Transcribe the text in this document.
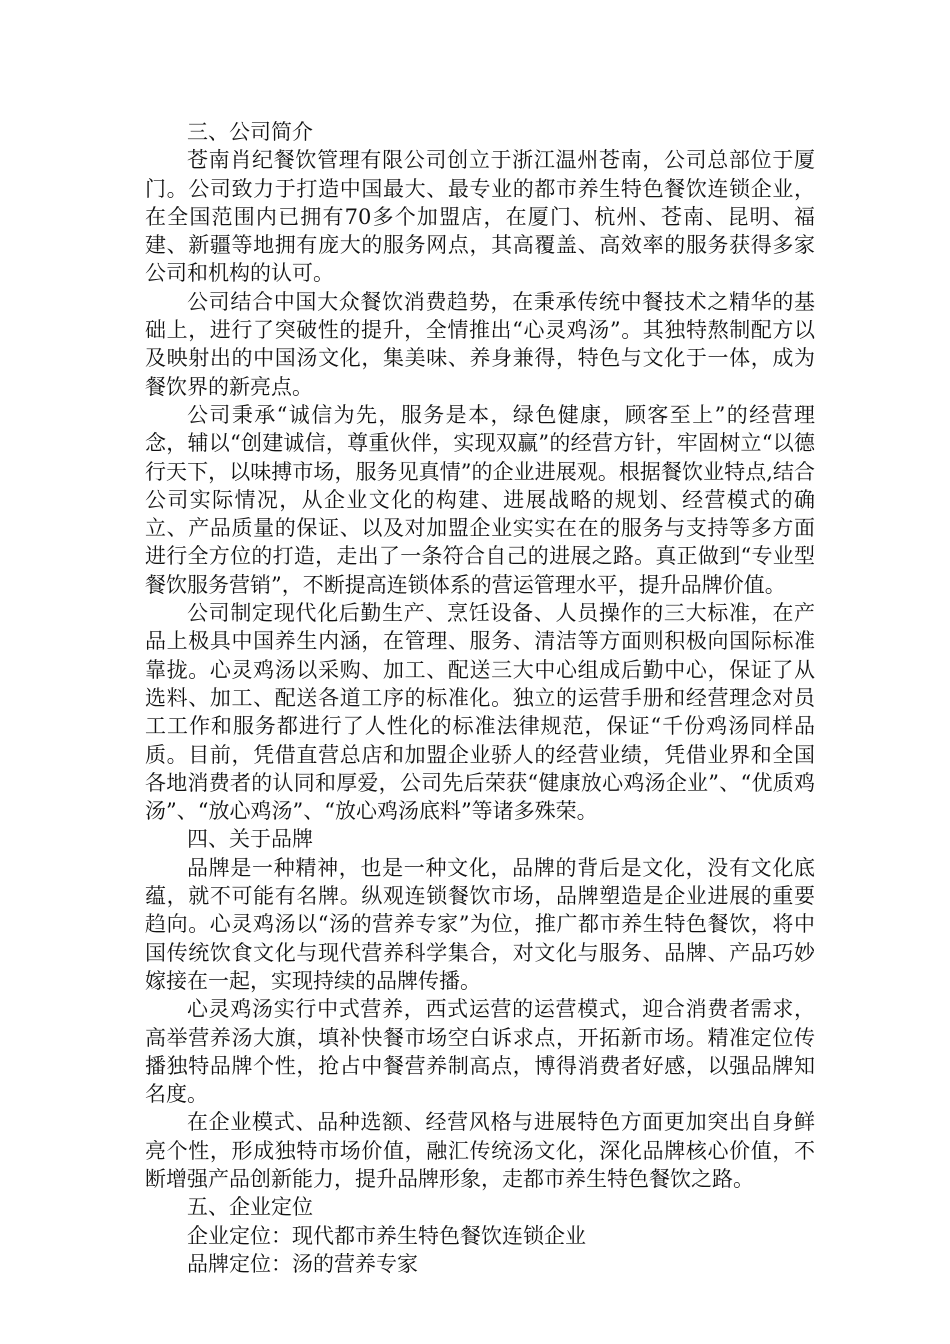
三、公司简介

苍南肖纪餐饮管理有限公司创立于浙江温州苍南，公司总部位于厦门。公司致力于打造中国最大、最专业的都市养生特色餐饮连锁企业，在全国范围内已拥有70多个加盟店，在厦门、杭州、苍南、昆明、福建、新疆等地拥有庞大的服务网点，其高覆盖、高效率的服务获得多家公司和机构的认可。

公司结合中国大众餐饮消费趋势，在秉承传统中餐技术之精华的基础上，进行了突破性的提升，全情推出“心灵鸡汤”。其独特熬制配方以及映射出的中国汤文化，集美味、养身兼得，特色与文化于一体，成为餐饮界的新亮点。

公司秉承“诚信为先，服务是本，绿色健康，顾客至上”的经营理念，辅以“创建诚信，尊重伙伴，实现双赢”的经营方针，牢固树立“以德行天下，以味搏市场，服务见真情”的企业进展观。根据餐饮业特点,结合公司实际情况，从企业文化的构建、进展战略的规划、经营模式的确立、产品质量的保证、以及对加盟企业实实在在的服务与支持等多方面进行全方位的打造，走出了一条符合自己的进展之路。真正做到“专业型餐饮服务营销”，不断提高连锁体系的营运管理水平，提升品牌价值。

公司制定现代化后勤生产、烹饪设备、人员操作的三大标准，在产品上极具中国养生内涵，在管理、服务、清洁等方面则积极向国际标准靠拢。心灵鸡汤以采购、加工、配送三大中心组成后勤中心，保证了从选料、加工、配送各道工序的标准化。独立的运营手册和经营理念对员工工作和服务都进行了人性化的标准法律规范，保证“千份鸡汤同样品质。目前，凭借直营总店和加盟企业骄人的经营业绩，凭借业界和全国各地消费者的认同和厚爱，公司先后荣获“健康放心鸡汤企业”、“优质鸡汤”、“放心鸡汤”、“放心鸡汤底料”等诸多殊荣。

四、关于品牌

品牌是一种精神，也是一种文化，品牌的背后是文化，没有文化底蕴，就不可能有名牌。纵观连锁餐饮市场，品牌塑造是企业进展的重要趋向。心灵鸡汤以“汤的营养专家”为位，推广都市养生特色餐饮，将中国传统饮食文化与现代营养科学集合，对文化与服务、品牌、产品巧妙嫁接在一起，实现持续的品牌传播。

心灵鸡汤实行中式营养，西式运营的运营模式，迎合消费者需求，高举营养汤大旗，填补快餐市场空白诉求点，开拓新市场。精准定位传播独特品牌个性，抢占中餐营养制高点，博得消费者好感，以强品牌知名度。

在企业模式、品种选额、经营风格与进展特色方面更加突出自身鲜亮个性，形成独特市场价值，融汇传统汤文化，深化品牌核心价值，不断增强产品创新能力，提升品牌形象，走都市养生特色餐饮之路。

五、企业定位

企业定位：现代都市养生特色餐饮连锁企业

品牌定位：汤的营养专家
